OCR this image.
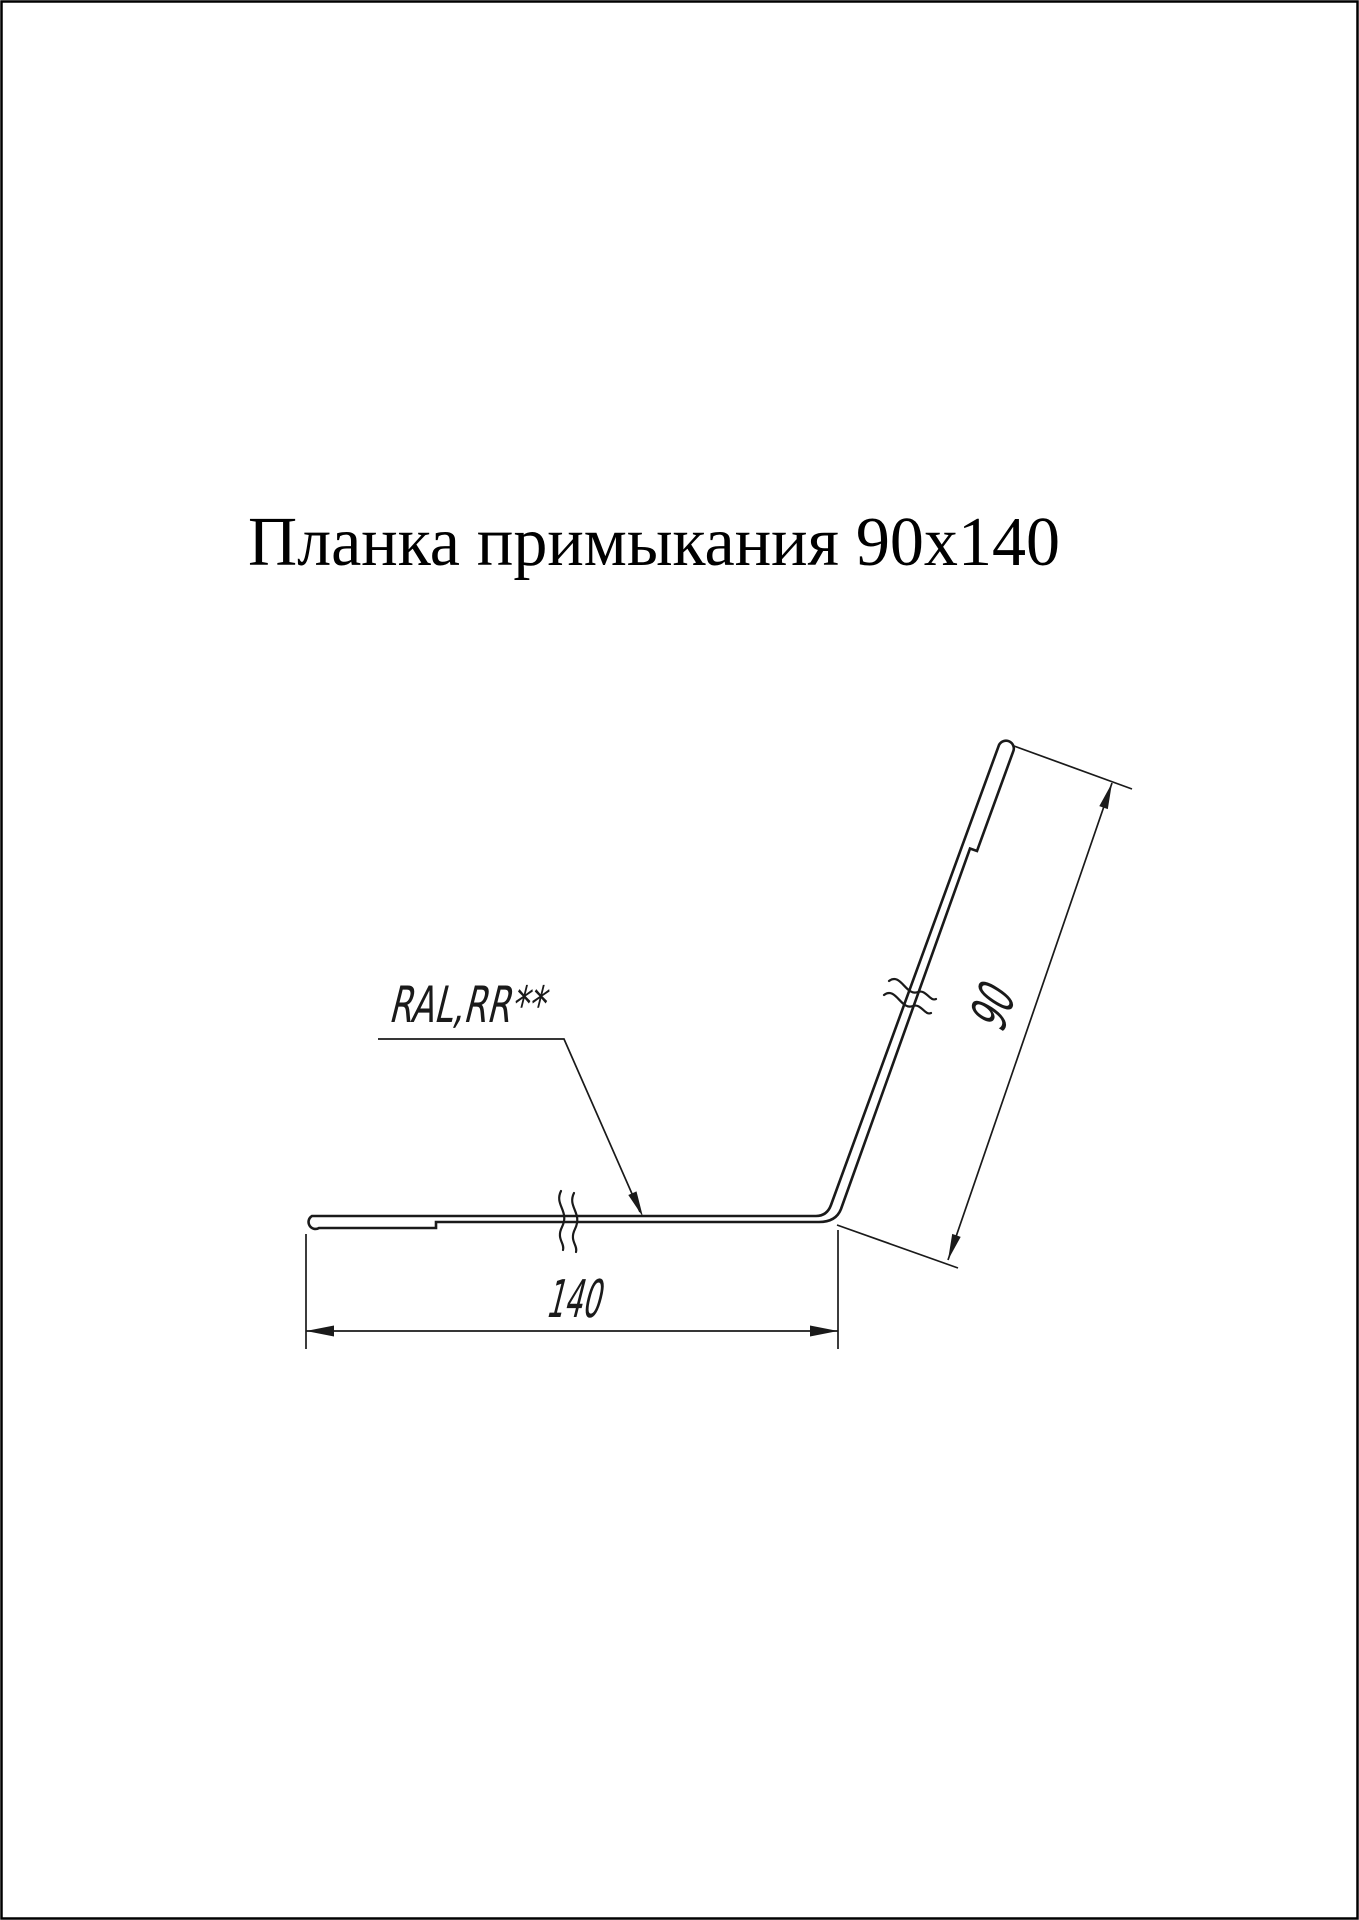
Планка примыкания 90х140
RAL,RR**
140
90
